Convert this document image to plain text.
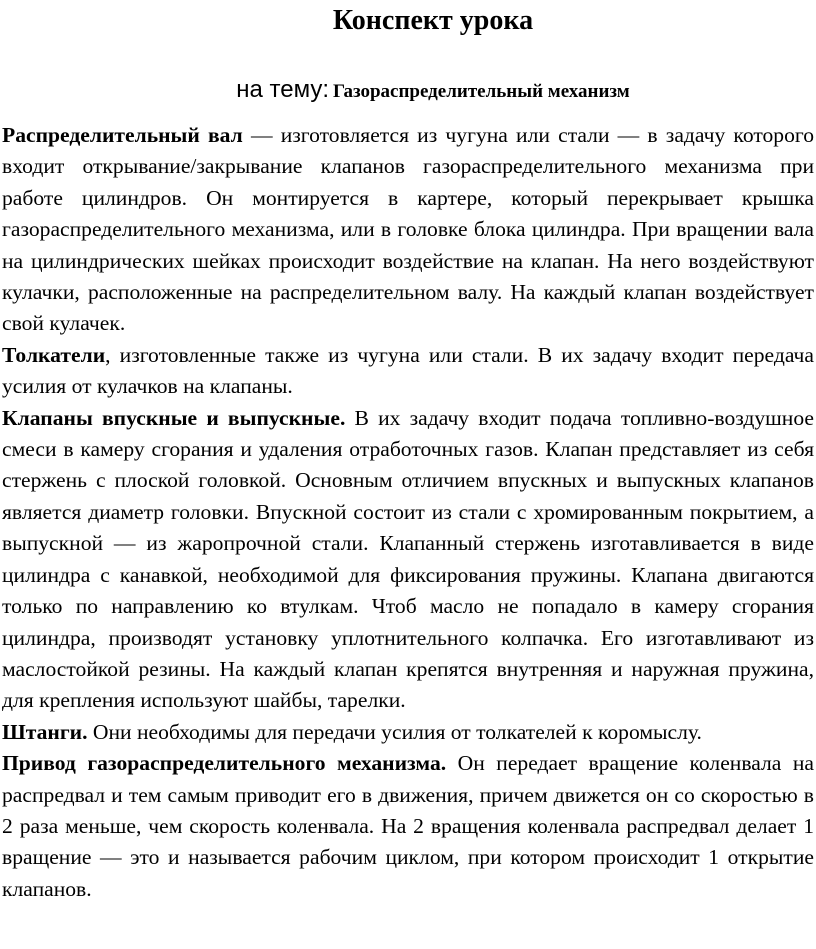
Конспект урока
на тему: Газораспределительный механизм

Распределительный вал — изготовляется из чугуна или стали — в задачу которого входит открывание/закрывание клапанов газораспределительного механизма при работе цилиндров. Он монтируется в картере, который перекрывает крышка газораспределительного механизма, или в головке блока цилиндра. При вращении вала на цилиндрических шейках происходит воздействие на клапан. На него воздействуют кулачки, расположенные на распределительном валу. На каждый клапан воздействует свой кулачек.

Толкатели, изготовленные также из чугуна или стали. В их задачу входит передача усилия от кулачков на клапаны.

Клапаны впускные и выпускные. В их задачу входит подача топливно-воздушное смеси в камеру сгорания и удаления отработочных газов. Клапан представляет из себя стержень с плоской головкой. Основным отличием впускных и выпускных клапанов является диаметр головки. Впускной состоит из стали с хромированным покрытием, а выпускной — из жаропрочной стали. Клапанный стержень изготавливается в виде цилиндра с канавкой, необходимой для фиксирования пружины. Клапана двигаются только по направлению ко втулкам. Чтоб масло не попадало в камеру сгорания цилиндра, производят установку уплотнительного колпачка. Его изготавливают из маслостойкой резины. На каждый клапан крепятся внутренняя и наружная пружина, для крепления используют шайбы, тарелки.

Штанги. Они необходимы для передачи усилия от толкателей к коромыслу.

Привод газораспределительного механизма. Он передает вращение коленвала на распредвал и тем самым приводит его в движения, причем движется он со скоростью в 2 раза меньше, чем скорость коленвала. На 2 вращения коленвала распредвал делает 1 вращение — это и называется рабочим циклом, при котором происходит 1 открытие клапанов.
